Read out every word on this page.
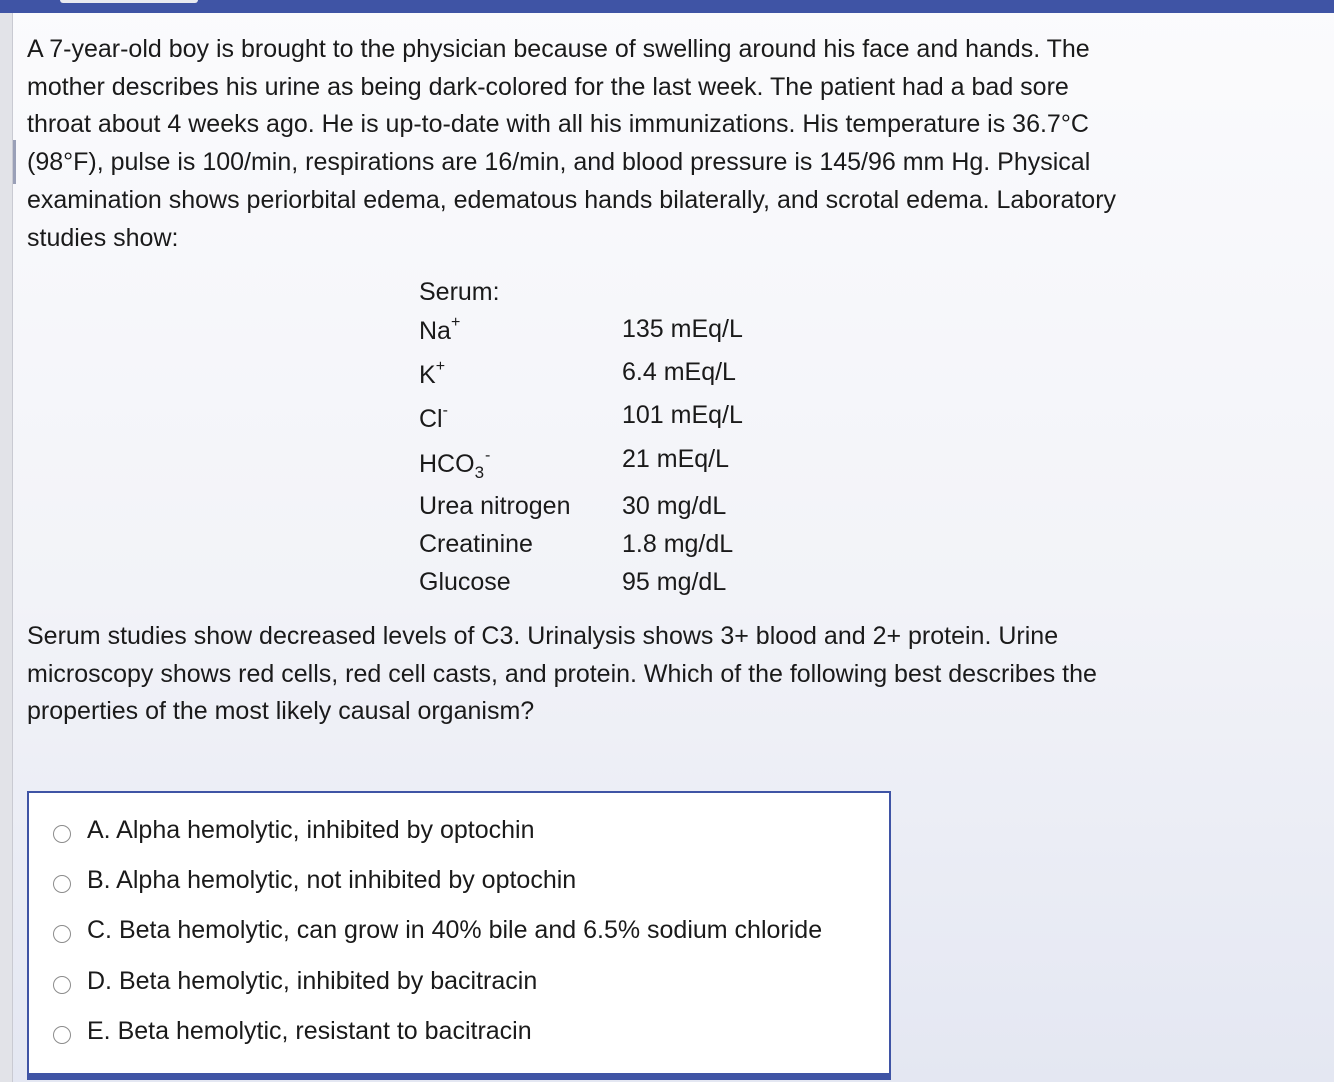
A 7-year-old boy is brought to the physician because of swelling around his face and hands. The mother describes his urine as being dark-colored for the last week. The patient had a bad sore throat about 4 weeks ago. He is up-to-date with all his immunizations. His temperature is 36.7°C (98°F), pulse is 100/min, respirations are 16/min, and blood pressure is 145/96 mm Hg. Physical examination shows periorbital edema, edematous hands bilaterally, and scrotal edema. Laboratory studies show:

Serum:
Na+	135 mEq/L
K+	6.4 mEq/L
Cl-	101 mEq/L
$HCO_3^-$	21 mEq/L
Urea nitrogen 30 mg/dL
Creatinine	1.8 mg/dL
Glucose	95 mg/dL

Serum studies show decreased levels of C3. Urinalysis shows 3+ blood and 2+ protein. Urine microscopy shows red cells, red cell casts, and protein. Which of the following best describes the properties of the most likely causal organism?

A. Alpha hemolytic, inhibited by optochin
B. Alpha hemolytic, not inhibited by optochin
C. Beta hemolytic, can grow in 40% bile and 6.5% sodium chloride
D. Beta hemolytic, inhibited by bacitracin
E. Beta hemolytic, resistant to bacitracin
